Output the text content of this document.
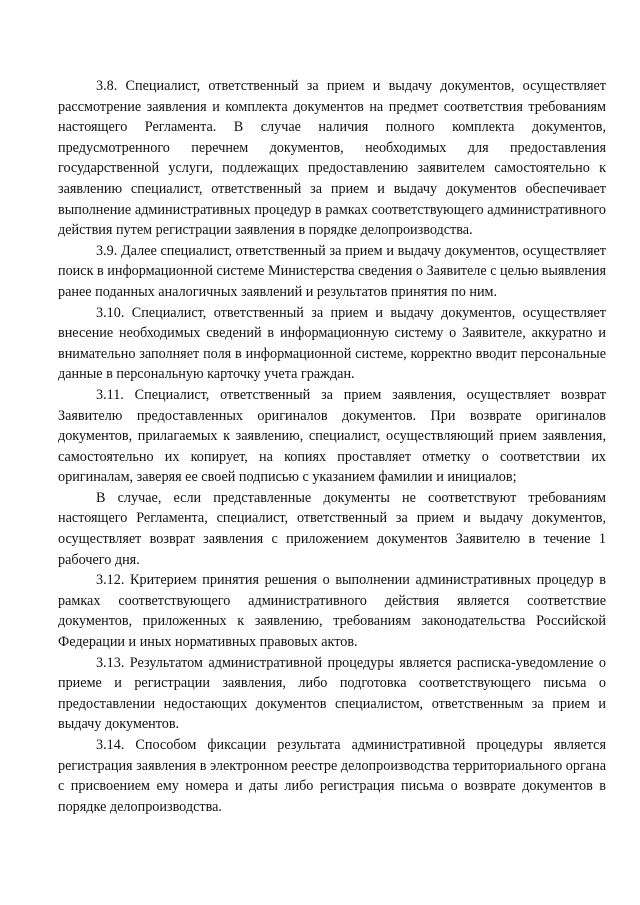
3.8. Специалист, ответственный за прием и выдачу документов, осуществляет рассмотрение заявления и комплекта документов на предмет соответствия требованиям настоящего Регламента. В случае наличия полного комплекта документов, предусмотренного перечнем документов, необходимых для предоставления государственной услуги, подлежащих предоставлению заявителем самостоятельно к заявлению специалист, ответственный за прием и выдачу документов обеспечивает выполнение административных процедур в рамках соответствующего административного действия путем регистрации заявления в порядке делопроизводства.

3.9. Далее специалист, ответственный за прием и выдачу документов, осуществляет поиск в информационной системе Министерства сведения о Заявителе с целью выявления ранее поданных аналогичных заявлений и результатов принятия по ним.

3.10. Специалист, ответственный за прием и выдачу документов, осуществляет внесение необходимых сведений в информационную систему о Заявителе, аккуратно и внимательно заполняет поля в информационной системе, корректно вводит персональные данные в персональную карточку учета граждан.

3.11. Специалист, ответственный за прием заявления, осуществляет возврат Заявителю предоставленных оригиналов документов. При возврате оригиналов документов, прилагаемых к заявлению, специалист, осуществляющий прием заявления, самостоятельно их копирует, на копиях проставляет отметку о соответствии их оригиналам, заверяя ее своей подписью с указанием фамилии и инициалов;

В случае, если представленные документы не соответствуют требованиям настоящего Регламента, специалист, ответственный за прием и выдачу документов, осуществляет возврат заявления с приложением документов Заявителю в течение 1 рабочего дня.

3.12. Критерием принятия решения о выполнении административных процедур в рамках соответствующего административного действия является соответствие документов, приложенных к заявлению, требованиям законодательства Российской Федерации и иных нормативных правовых актов.

3.13. Результатом административной процедуры является расписка-уведомление о приеме и регистрации заявления, либо подготовка соответствующего письма о предоставлении недостающих документов специалистом, ответственным за прием и выдачу документов.

3.14. Способом фиксации результата административной процедуры является регистрация заявления в электронном реестре делопроизводства территориального органа с присвоением ему номера и даты либо регистрация письма о возврате документов в порядке делопроизводства.
